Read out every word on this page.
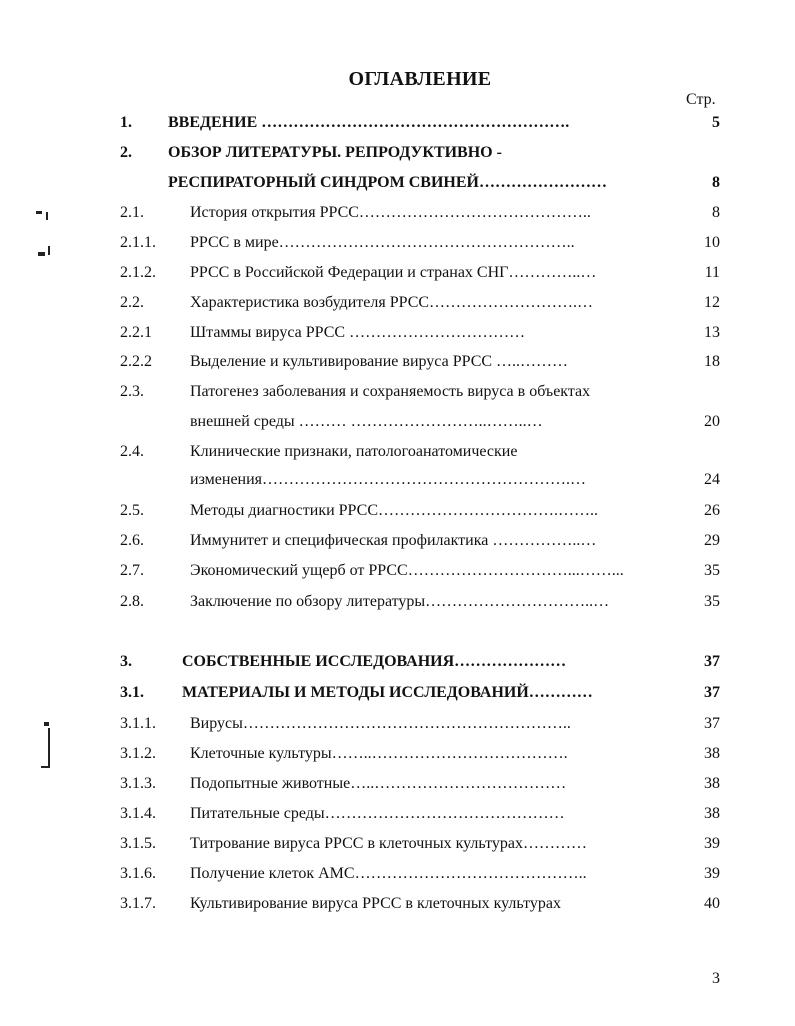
ОГЛАВЛЕНИЕ
Стр.
1. ВВЕДЕНИЕ ………………………………………………….	5
2. ОБЗОР ЛИТЕРАТУРЫ. РЕПРОДУКТИВНО -
РЕСПИРАТОРНЫЙ СИНДРОМ СВИНЕЙ……………………	8
2.1.	История открытия РРСС……………………………………..	8
2.1.1. РРСС в мире………………………………………………..	10
2.1.2. РРСС в Российской Федерации и странах СНГ…………..…	11
2.2.	Характеристика возбудителя РРСС……………………….…	12
2.2.1 Штаммы вируса РРСС ……………………………	13
2.2.2 Выделение и культивирование вируса РРСС …..………	18
2.3.	Патогенез заболевания и сохраняемость вируса в объектах
внешней среды ……… ……………………..……..…	20
2.4.	Клинические признаки, патологоанатомические
изменения………………………………………………….…	24
2.5.	Методы диагностики РРСС…………………………….……..	26
2.6.	Иммунитет и специфическая профилактика ……………..…	29
2.7.	Экономический ущерб от РРСС…………………………...……...	35
2.8.	Заключение по обзору литературы…………………………..…	35
3.	СОБСТВЕННЫЕ ИССЛЕДОВАНИЯ…………………	37
3.1. МАТЕРИАЛЫ И МЕТОДЫ ИССЛЕДОВАНИЙ…………	37
3.1.1. Вирусы……………………………………………………..	37
3.1.2. Клеточные культуры……..……………………………….	38
3.1.3. Подопытные животные…..………………………………	38
3.1.4. Питательные среды………………………………………	38
3.1.5. Титрование вируса РРСС в клеточных культурах…………	39
3.1.6. Получение клеток АМС……………………………………..	39
3.1.7. Культивирование вируса РРСС в клеточных культурах	40
3
